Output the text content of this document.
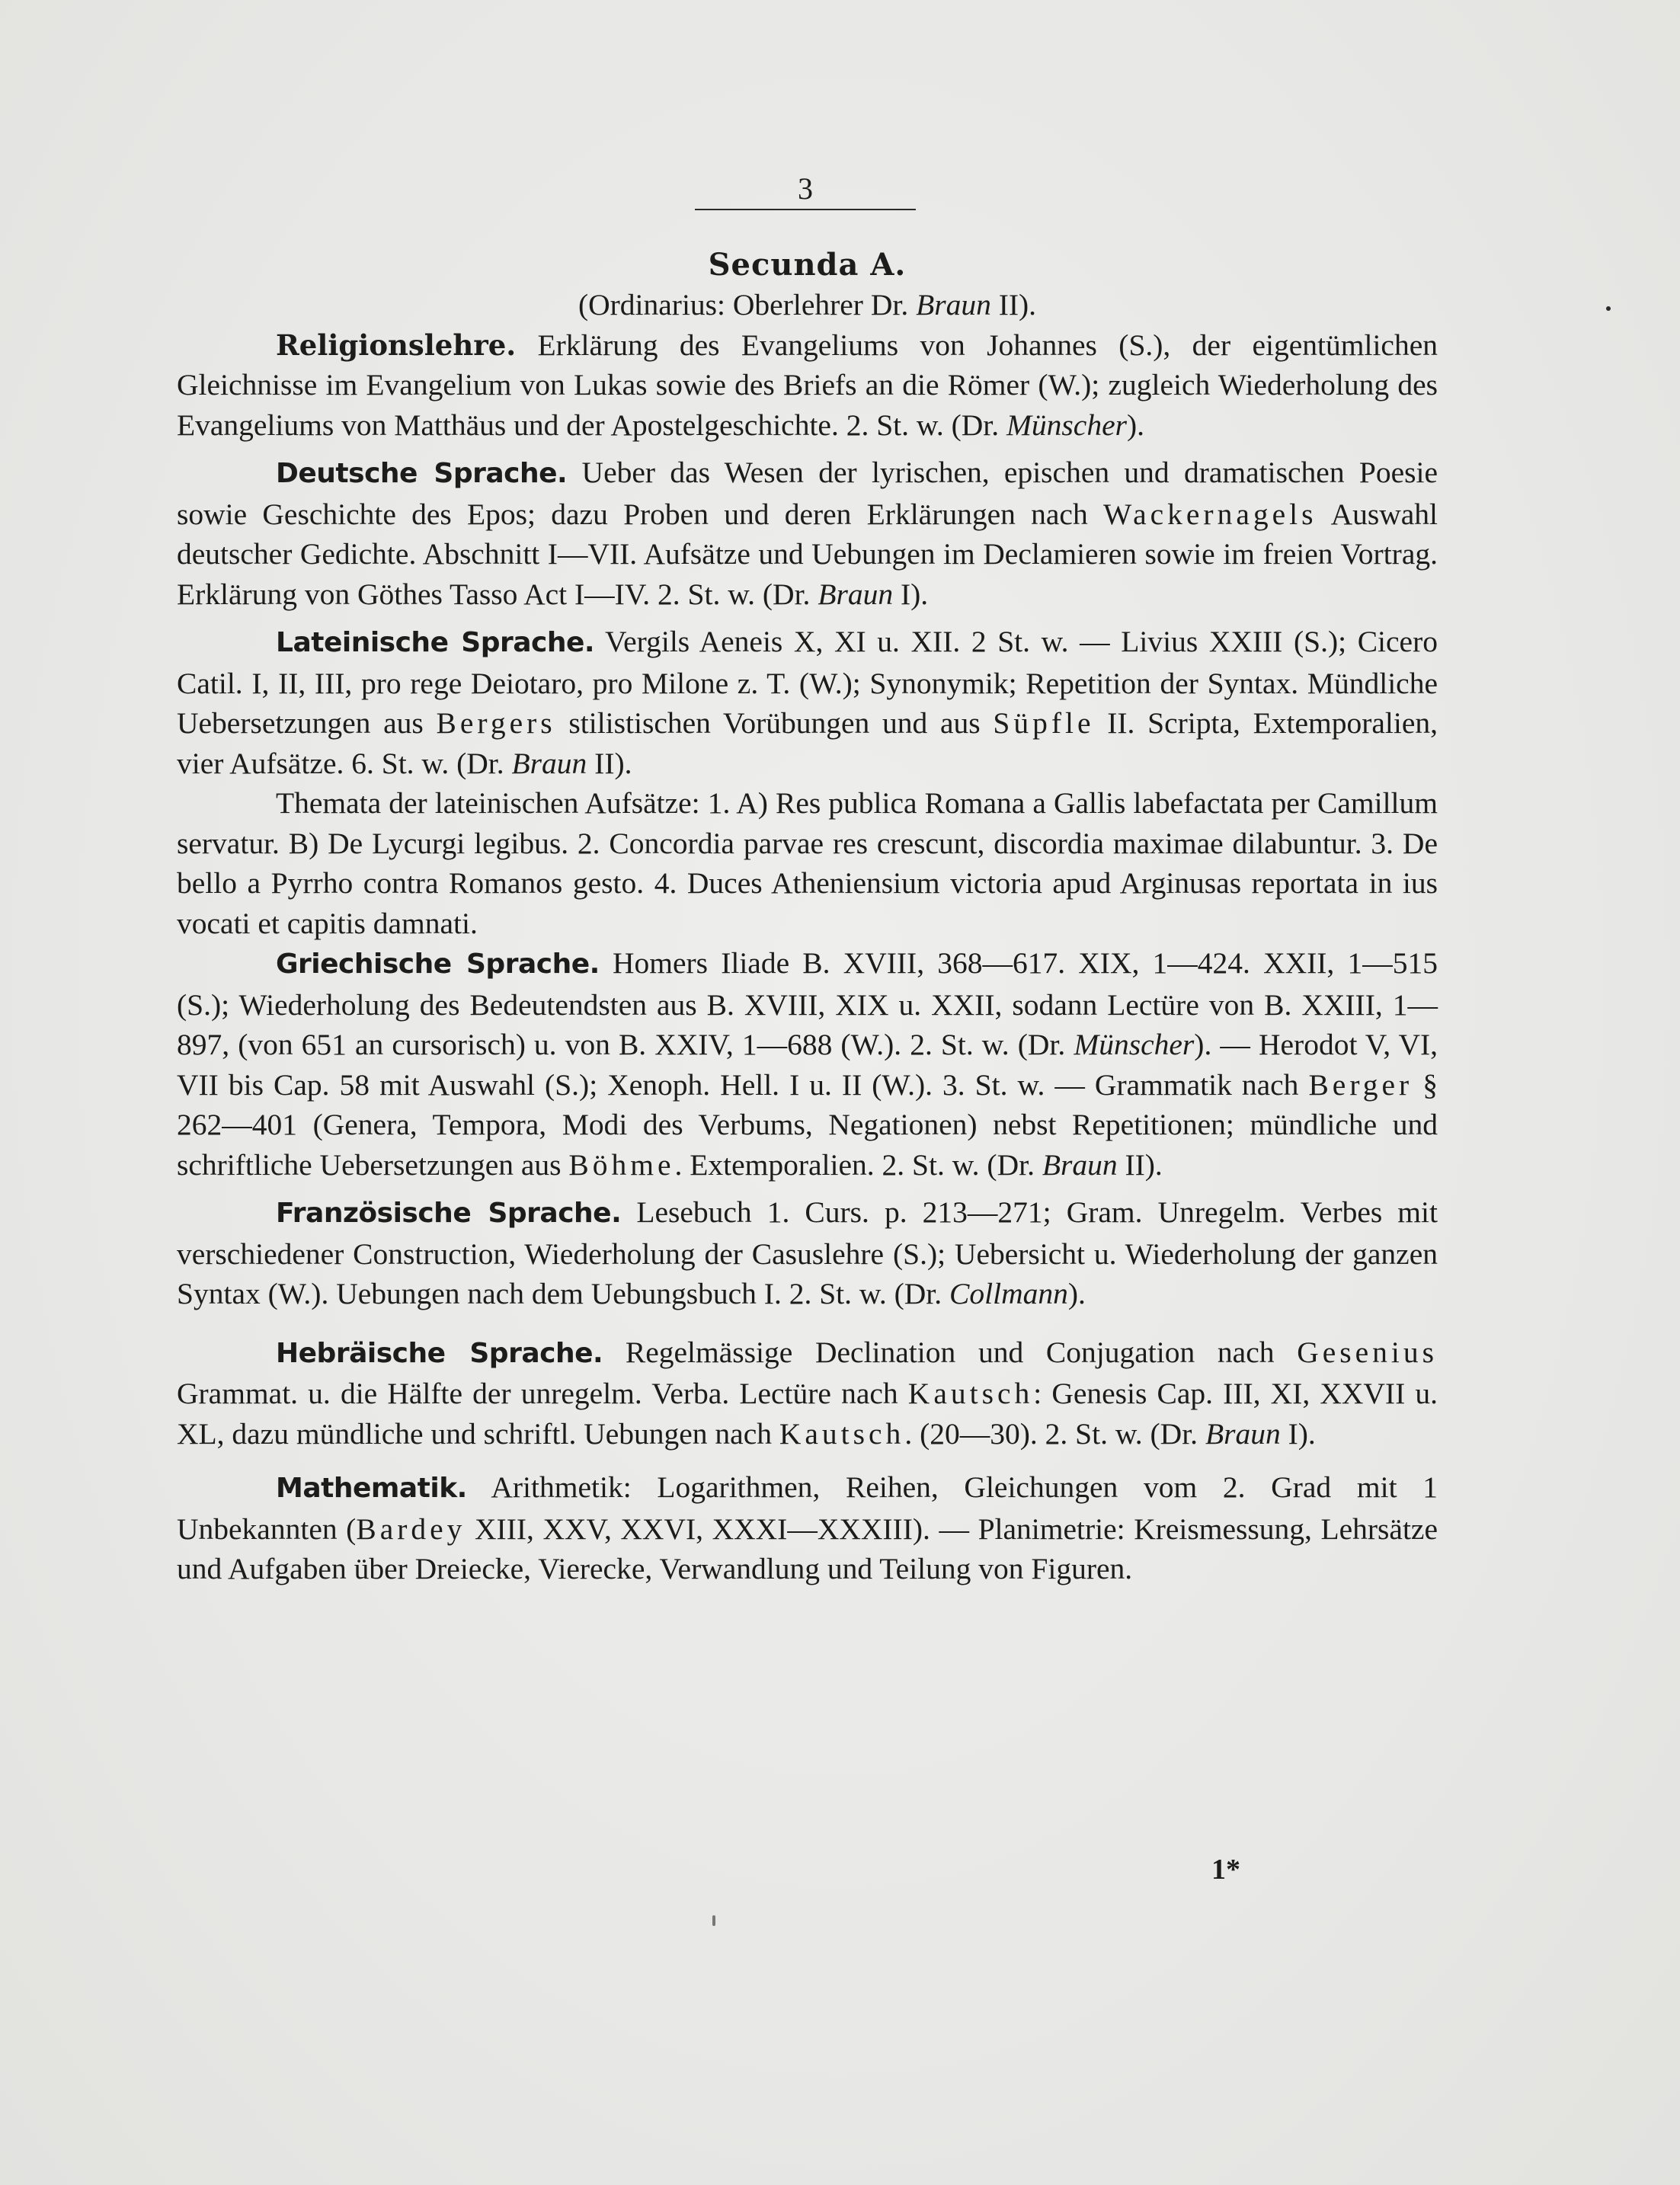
3
Secunda A.
(Ordinarius: Oberlehrer Dr. Braun II).

Religionslehre. Erklärung des Evangeliums von Johannes (S.), der eigentümlichen Gleichnisse im Evangelium von Lukas sowie des Briefs an die Römer (W.); zugleich Wiederholung des Evangeliums von Matthäus und der Apostelgeschichte. 2. St. w. (Dr. Münscher).

Deutsche Sprache. Ueber das Wesen der lyrischen, epischen und dramatischen Poesie sowie Geschichte des Epos; dazu Proben und deren Erklärungen nach Wackernagels Auswahl deutscher Gedichte. Abschnitt I—VII. Aufsätze und Uebungen im Declamieren sowie im freien Vortrag. Erklärung von Göthes Tasso Act I—IV. 2. St. w. (Dr. Braun I).

Lateinische Sprache. Vergils Aeneis X, XI u. XII. 2 St. w. — Livius XXIII (S.); Cicero Catil. I, II, III, pro rege Deiotaro, pro Milone z. T. (W.); Synonymik; Repetition der Syntax. Mündliche Uebersetzungen aus Bergers stilistischen Vorübungen und aus Süpfle II. Scripta, Extemporalien, vier Aufsätze. 6. St. w. (Dr. Braun II).

Themata der lateinischen Aufsätze: 1. A) Res publica Romana a Gallis labefactata per Camillum servatur. B) De Lycurgi legibus. 2. Concordia parvae res crescunt, discordia maximae dilabuntur. 3. De bello a Pyrrho contra Romanos gesto. 4. Duces Atheniensium victoria apud Arginusas reportata in ius vocati et capitis damnati.

Griechische Sprache. Homers Iliade B. XVIII, 368—617. XIX, 1—424. XXII, 1—515 (S.); Wiederholung des Bedeutendsten aus B. XVIII, XIX u. XXII, sodann Lectüre von B. XXIII, 1—897, (von 651 an cursorisch) u. von B. XXIV, 1—688 (W.). 2. St. w. (Dr. Münscher). — Herodot V, VI, VII bis Cap. 58 mit Auswahl (S.); Xenoph. Hell. I u. II (W.). 3. St. w. — Grammatik nach Berger § 262—401 (Genera, Tempora, Modi des Verbums, Negationen) nebst Repetitionen; mündliche und schriftliche Uebersetzungen aus Böhme. Extemporalien. 2. St. w. (Dr. Braun II).

Französische Sprache. Lesebuch 1. Curs. p. 213—271; Gram. Unregelm. Verbes mit verschiedener Construction, Wiederholung der Casuslehre (S.); Uebersicht u. Wiederholung der ganzen Syntax (W.). Uebungen nach dem Uebungsbuch I. 2. St. w. (Dr. Collmann).

Hebräische Sprache. Regelmässige Declination und Conjugation nach Gesenius Grammat. u. die Hälfte der unregelm. Verba. Lectüre nach Kautsch: Genesis Cap. III, XI, XXVII u. XL, dazu mündliche und schriftl. Uebungen nach Kautsch. (20—30). 2. St. w. (Dr. Braun I).

Mathematik. Arithmetik: Logarithmen, Reihen, Gleichungen vom 2. Grad mit 1 Unbekannten (Bardey XIII, XXV, XXVI, XXXI—XXXIII). — Planimetrie: Kreismessung, Lehrsätze und Aufgaben über Dreiecke, Vierecke, Verwandlung und Teilung von Figuren.

1*
